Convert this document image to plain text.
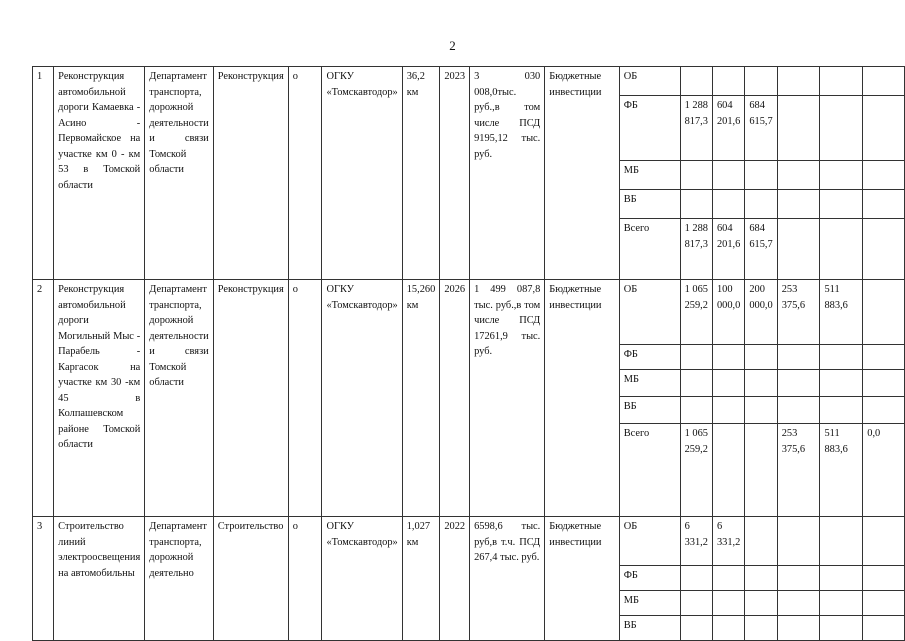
2
1	Реконструкция автомобильной дороги Камаевка - Асино - Первомайское на участке км 0 - км 53 в Томской области	Департамент транспорта, дорожной деятельности и связи Томской области	Реконструкция	о	ОГКУ «Томскавтодор»	36,2 км	2023	3 030 008,0тыс. руб.,в том числе ПСД 9195,12 тыс. руб.	Бюджетные инвестиции	ОБ						
										ФБ	1 288 817,3	604 201,6	684 615,7			
										МБ						
										ВБ						
										Всего	1 288 817,3	604 201,6	684 615,7			
2	Реконструкция автомобильной дороги Могильный Мыс - Парабель - Каргасок на участке км 30 -км 45 в Колпашевском районе Томской области	Департамент транспорта, дорожной деятельности и связи Томской области	Реконструкция	о	ОГКУ «Томскавтодор»	15,260 км	2026	1 499 087,8 тыс. руб.,в том числе ПСД 17261,9 тыс. руб.	Бюджетные инвестиции	ОБ	1 065 259,2	100 000,0	200 000,0	253 375,6	511 883,6	
										ФБ						
										МБ						
										ВБ						
										Всего	1 065 259,2			253 375,6	511 883,6	0,0
3	Строительство линий электроосвещения на автомобильны	Департамент транспорта, дорожной деятельно	Строительство	о	ОГКУ «Томскавтодор»	1,027 км	2022	6598,6 тыс. руб,в т.ч. ПСД 267,4 тыс. руб.	Бюджетные инвестиции	ОБ	6 331,2	6 331,2				
										ФБ						
										МБ						
										ВБ						
